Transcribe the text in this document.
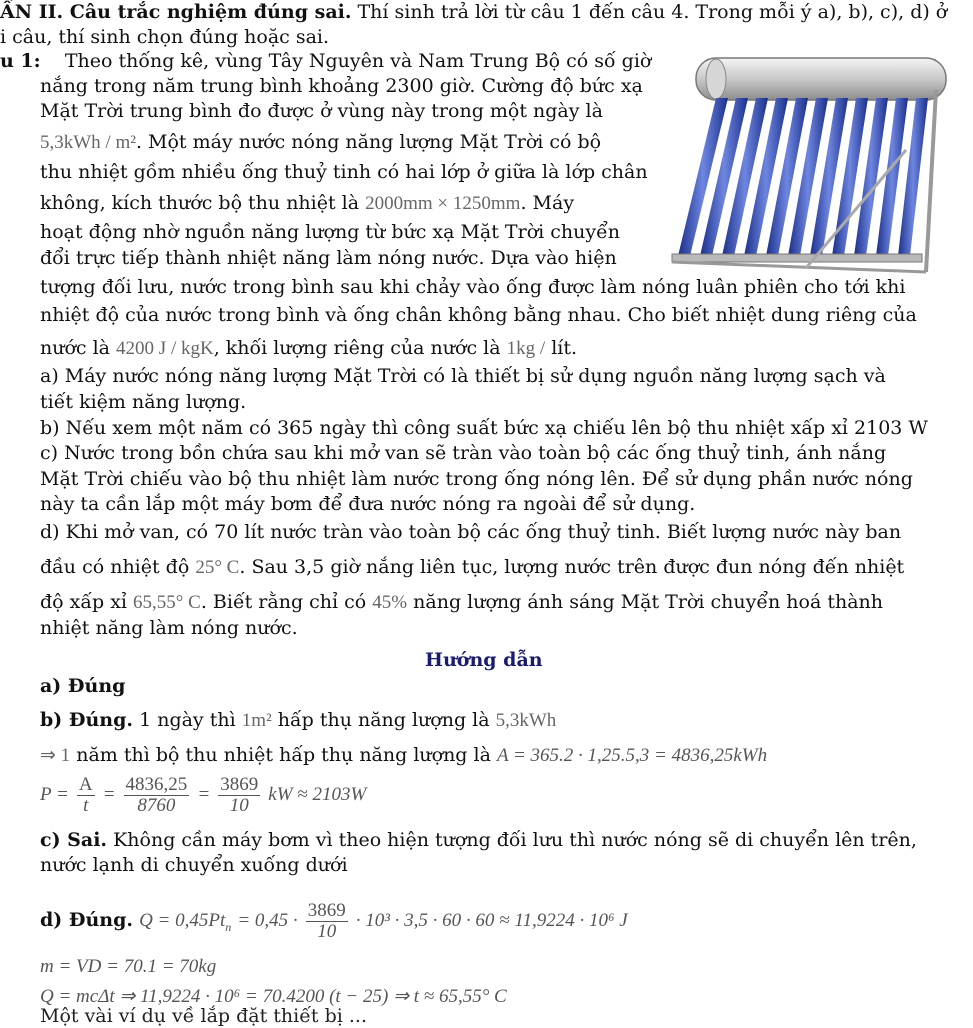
ẦN II. Câu trắc nghiệm đúng sai. Thí sinh trả lời từ câu 1 đến câu 4. Trong mỗi ý a), b), c), d) ở
i câu, thí sinh chọn đúng hoặc sai.
u 1: Theo thống kê, vùng Tây Nguyên và Nam Trung Bộ có số giờ
nắng trong năm trung bình khoảng 2300 giờ. Cường độ bức xạ
Mặt Trời trung bình đo được ở vùng này trong một ngày là
5,3kWh / m². Một máy nước nóng năng lượng Mặt Trời có bộ
thu nhiệt gồm nhiều ống thuỷ tinh có hai lớp ở giữa là lớp chân
không, kích thước bộ thu nhiệt là 2000mm × 1250mm. Máy
hoạt động nhờ nguồn năng lượng từ bức xạ Mặt Trời chuyển
đổi trực tiếp thành nhiệt năng làm nóng nước. Dựa vào hiện
tượng đối lưu, nước trong bình sau khi chảy vào ống được làm nóng luân phiên cho tới khi
nhiệt độ của nước trong bình và ống chân không bằng nhau. Cho biết nhiệt dung riêng của
nước là 4200 J / kgK, khối lượng riêng của nước là 1kg / lít.
a) Máy nước nóng năng lượng Mặt Trời có là thiết bị sử dụng nguồn năng lượng sạch và
tiết kiệm năng lượng.
b) Nếu xem một năm có 365 ngày thì công suất bức xạ chiếu lên bộ thu nhiệt xấp xỉ 2103 W
c) Nước trong bồn chứa sau khi mở van sẽ tràn vào toàn bộ các ống thuỷ tinh, ánh nắng
Mặt Trời chiếu vào bộ thu nhiệt làm nước trong ống nóng lên. Để sử dụng phần nước nóng
này ta cần lắp một máy bơm để đưa nước nóng ra ngoài để sử dụng.
d) Khi mở van, có 70 lít nước tràn vào toàn bộ các ống thuỷ tinh. Biết lượng nước này ban
đầu có nhiệt độ 25° C. Sau 3,5 giờ nắng liên tục, lượng nước trên được đun nóng đến nhiệt
độ xấp xỉ 65,55° C. Biết rằng chỉ có 45% năng lượng ánh sáng Mặt Trời chuyển hoá thành
nhiệt năng làm nóng nước.
Hướng dẫn
a) Đúng
b) Đúng. 1 ngày thì 1m² hấp thụ năng lượng là 5,3kWh
⇒ 1 năm thì bộ thu nhiệt hấp thụ năng lượng là A = 365.2 · 1,25.5,3 = 4836,25kWh
$P = \frac{A}{t} = \frac{4836,25}{8760} = \frac{3869}{10}$ kW ≈ 2103W
c) Sai. Không cần máy bơm vì theo hiện tượng đối lưu thì nước nóng sẽ di chuyển lên trên,
nước lạnh di chuyển xuống dưới
d) Đúng. $Q = 0,45Pt_n = 0,45 \cdot \frac{3869}{10} \cdot 10^3 \cdot 3,5 \cdot 60 \cdot 60 \approx 11,9224 \cdot 10^6$ J
m = VD = 70.1 = 70kg
Q = mcΔt ⇒ 11,9224 · 10⁶ = 70.4200 (t − 25) ⇒ t ≈ 65,55° C
Một vài ví dụ về lắp đặt thiết bị ...
